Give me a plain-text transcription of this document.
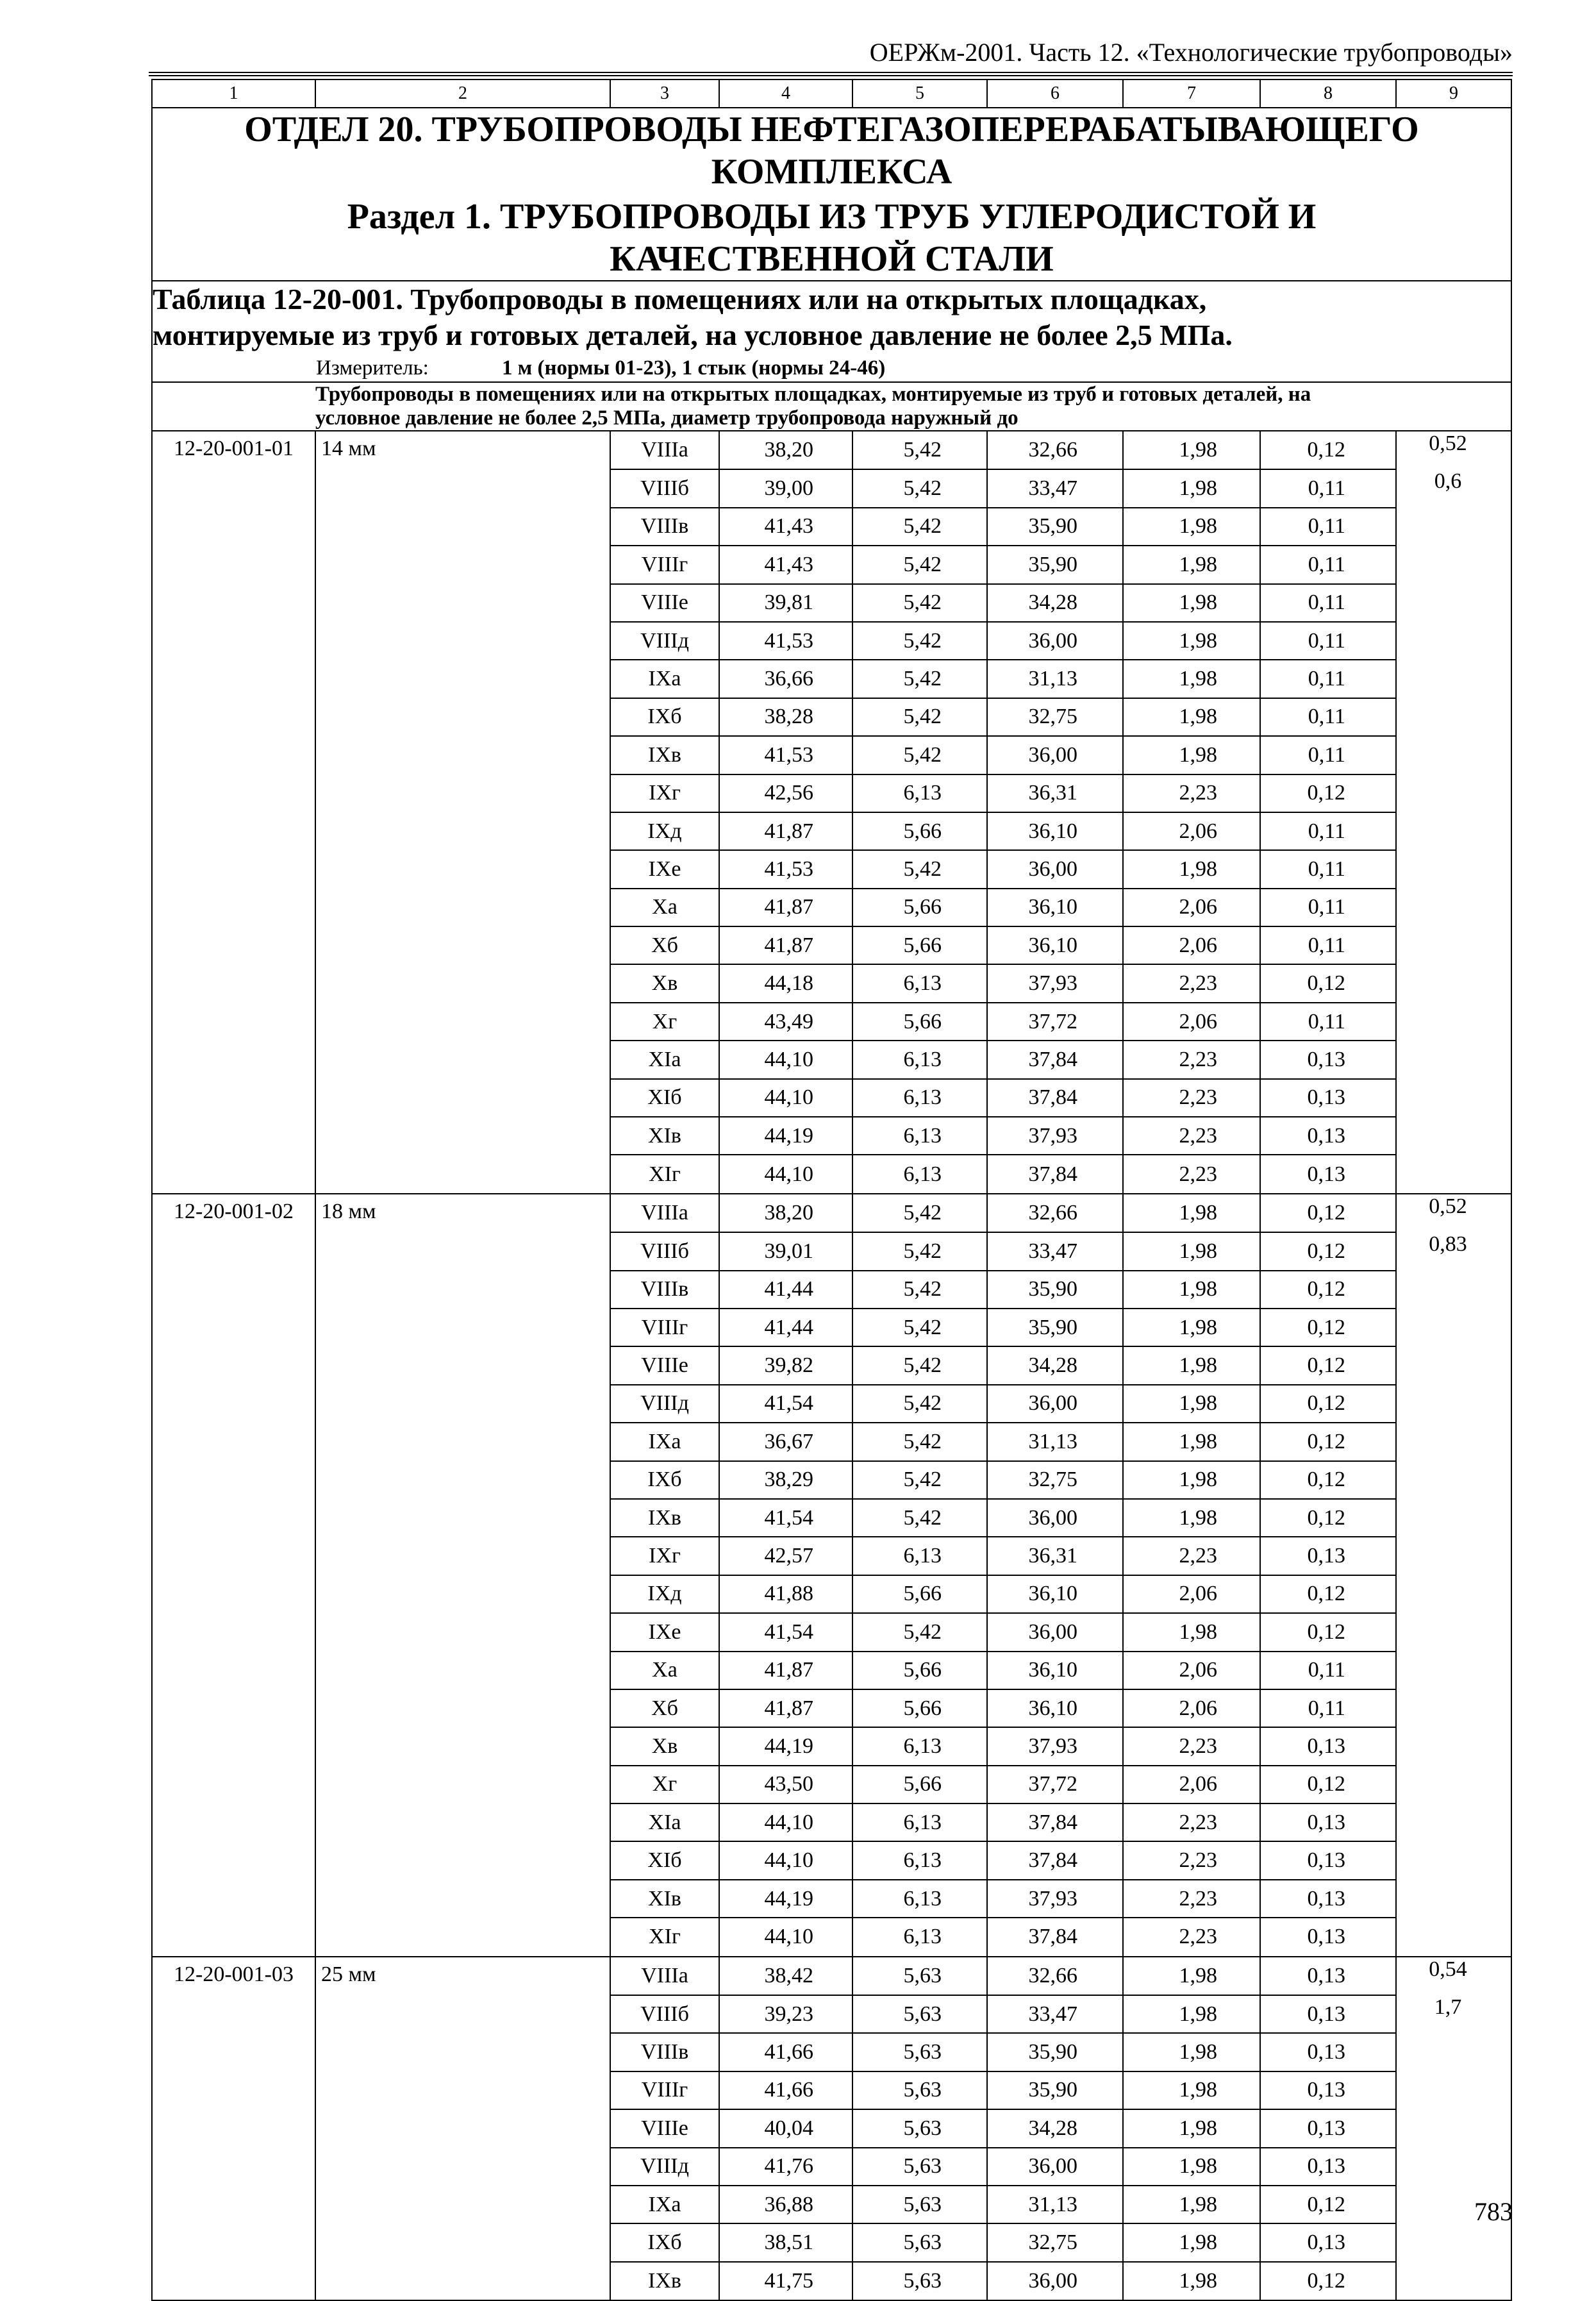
ОЕРЖм-2001. Часть 12. «Технологические трубопроводы»
1	2	3	4	5	6	7	8	9

ОТДЕЛ 20. ТРУБОПРОВОДЫ НЕФТЕГАЗОПЕРЕРАБАТЫВАЮЩЕГО
КОМПЛЕКСА
Раздел 1. ТРУБОПРОВОДЫ ИЗ ТРУБ УГЛЕРОДИСТОЙ И
КАЧЕСТВЕННОЙ СТАЛИ								

Таблица 12-20-001. Трубопроводы в помещениях или на открытых площадках,
монтируемые из труб и готовых деталей, на условное давление не более 2,5 МПа.
Измеритель: 1 м (нормы 01-23), 1 стык (нормы 24-46)								

	Трубопроводы в помещениях или на открытых площадках, монтируемые из труб и готовых деталей, на
условное давление не более 2,5 МПа, диаметр трубопровода наружный до							

12-20-001-01	14 мм	VIIIа	38,20	5,42	32,66	1,98	0,12	0,52
		VIIIб	39,00	5,42	33,47	1,98	0,11	0,6
		VIIIв	41,43	5,42	35,90	1,98	0,11	
		VIIIг	41,43	5,42	35,90	1,98	0,11	
		VIIIе	39,81	5,42	34,28	1,98	0,11	
		VIIIд	41,53	5,42	36,00	1,98	0,11	
		IXа	36,66	5,42	31,13	1,98	0,11	
		IXб	38,28	5,42	32,75	1,98	0,11	
		IXв	41,53	5,42	36,00	1,98	0,11	
		IXг	42,56	6,13	36,31	2,23	0,12	
		IXд	41,87	5,66	36,10	2,06	0,11	
		IXе	41,53	5,42	36,00	1,98	0,11	
		Xа	41,87	5,66	36,10	2,06	0,11	
		Xб	41,87	5,66	36,10	2,06	0,11	
		Xв	44,18	6,13	37,93	2,23	0,12	
		Xг	43,49	5,66	37,72	2,06	0,11	
		XIа	44,10	6,13	37,84	2,23	0,13	
		XIб	44,10	6,13	37,84	2,23	0,13	
		XIв	44,19	6,13	37,93	2,23	0,13	
		XIг	44,10	6,13	37,84	2,23	0,13	
12-20-001-02	18 мм	VIIIа	38,20	5,42	32,66	1,98	0,12	0,52
		VIIIб	39,01	5,42	33,47	1,98	0,12	0,83
		VIIIв	41,44	5,42	35,90	1,98	0,12	
		VIIIг	41,44	5,42	35,90	1,98	0,12	
		VIIIе	39,82	5,42	34,28	1,98	0,12	
		VIIIд	41,54	5,42	36,00	1,98	0,12	
		IXа	36,67	5,42	31,13	1,98	0,12	
		IXб	38,29	5,42	32,75	1,98	0,12	
		IXв	41,54	5,42	36,00	1,98	0,12	
		IXг	42,57	6,13	36,31	2,23	0,13	
		IXд	41,88	5,66	36,10	2,06	0,12	
		IXе	41,54	5,42	36,00	1,98	0,12	
		Xа	41,87	5,66	36,10	2,06	0,11	
		Xб	41,87	5,66	36,10	2,06	0,11	
		Xв	44,19	6,13	37,93	2,23	0,13	
		Xг	43,50	5,66	37,72	2,06	0,12	
		XIа	44,10	6,13	37,84	2,23	0,13	
		XIб	44,10	6,13	37,84	2,23	0,13	
		XIв	44,19	6,13	37,93	2,23	0,13	
		XIг	44,10	6,13	37,84	2,23	0,13	
12-20-001-03	25 мм	VIIIа	38,42	5,63	32,66	1,98	0,13	0,54
		VIIIб	39,23	5,63	33,47	1,98	0,13	1,7
		VIIIв	41,66	5,63	35,90	1,98	0,13	
		VIIIг	41,66	5,63	35,90	1,98	0,13	
		VIIIе	40,04	5,63	34,28	1,98	0,13	
		VIIIд	41,76	5,63	36,00	1,98	0,13	
		IXа	36,88	5,63	31,13	1,98	0,12	
		IXб	38,51	5,63	32,75	1,98	0,13	
		IXв	41,75	5,63	36,00	1,98	0,12	
783
